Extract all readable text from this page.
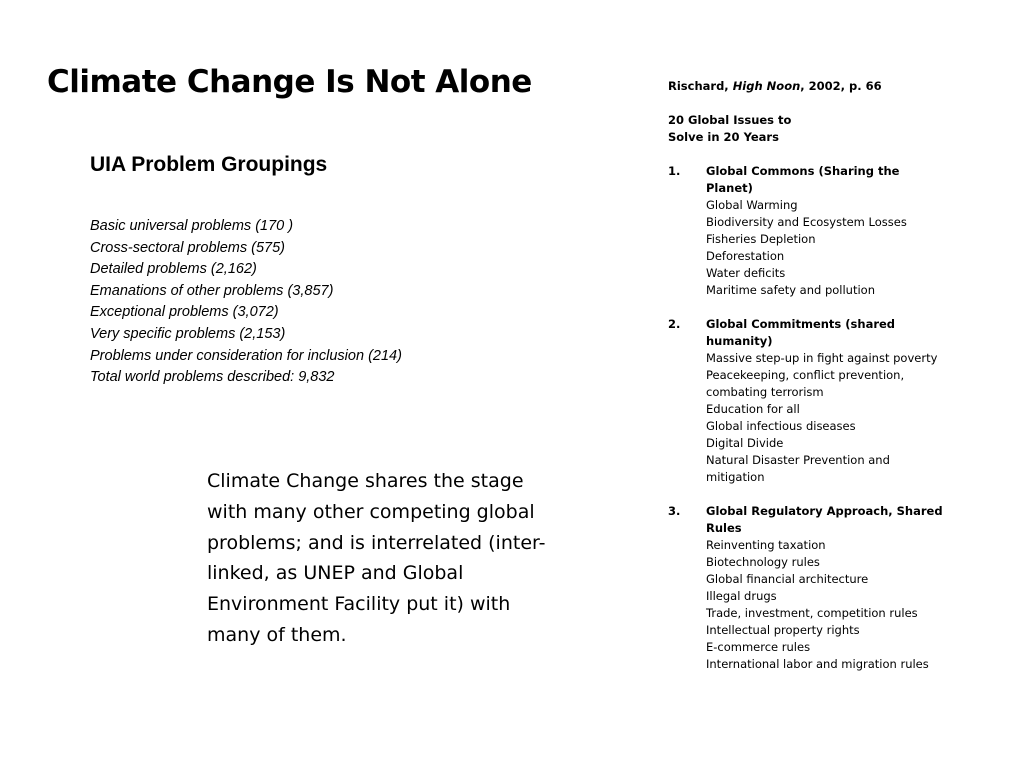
Climate Change Is Not Alone
UIA Problem Groupings
Basic universal problems (170 )
Cross-sectoral problems (575)
Detailed problems (2,162)
Emanations of other problems (3,857)
Exceptional problems (3,072)
Very specific problems (2,153)
Problems under consideration for inclusion (214)
Total world problems described: 9,832

Climate Change shares the stage with many other competing global problems; and is interrelated (inter-linked, as UNEP and Global Environment Facility put it) with many of them.

Rischard, High Noon, 2002, p. 66

20 Global Issues to
Solve in 20 Years

1.	Global Commons (Sharing the Planet)
Global Warming
Biodiversity and Ecosystem Losses
Fisheries Depletion
Deforestation
Water deficits
Maritime safety and pollution
2.	Global Commitments (shared humanity)
Massive step-up in fight against poverty
Peacekeeping, conflict prevention, combating terrorism
Education for all
Global infectious diseases
Digital Divide
Natural Disaster Prevention and mitigation
3.	Global Regulatory Approach, Shared Rules
Reinventing taxation
Biotechnology rules
Global financial architecture
Illegal drugs
Trade, investment, competition rules
Intellectual property rights
E-commerce rules
International labor and migration rules
